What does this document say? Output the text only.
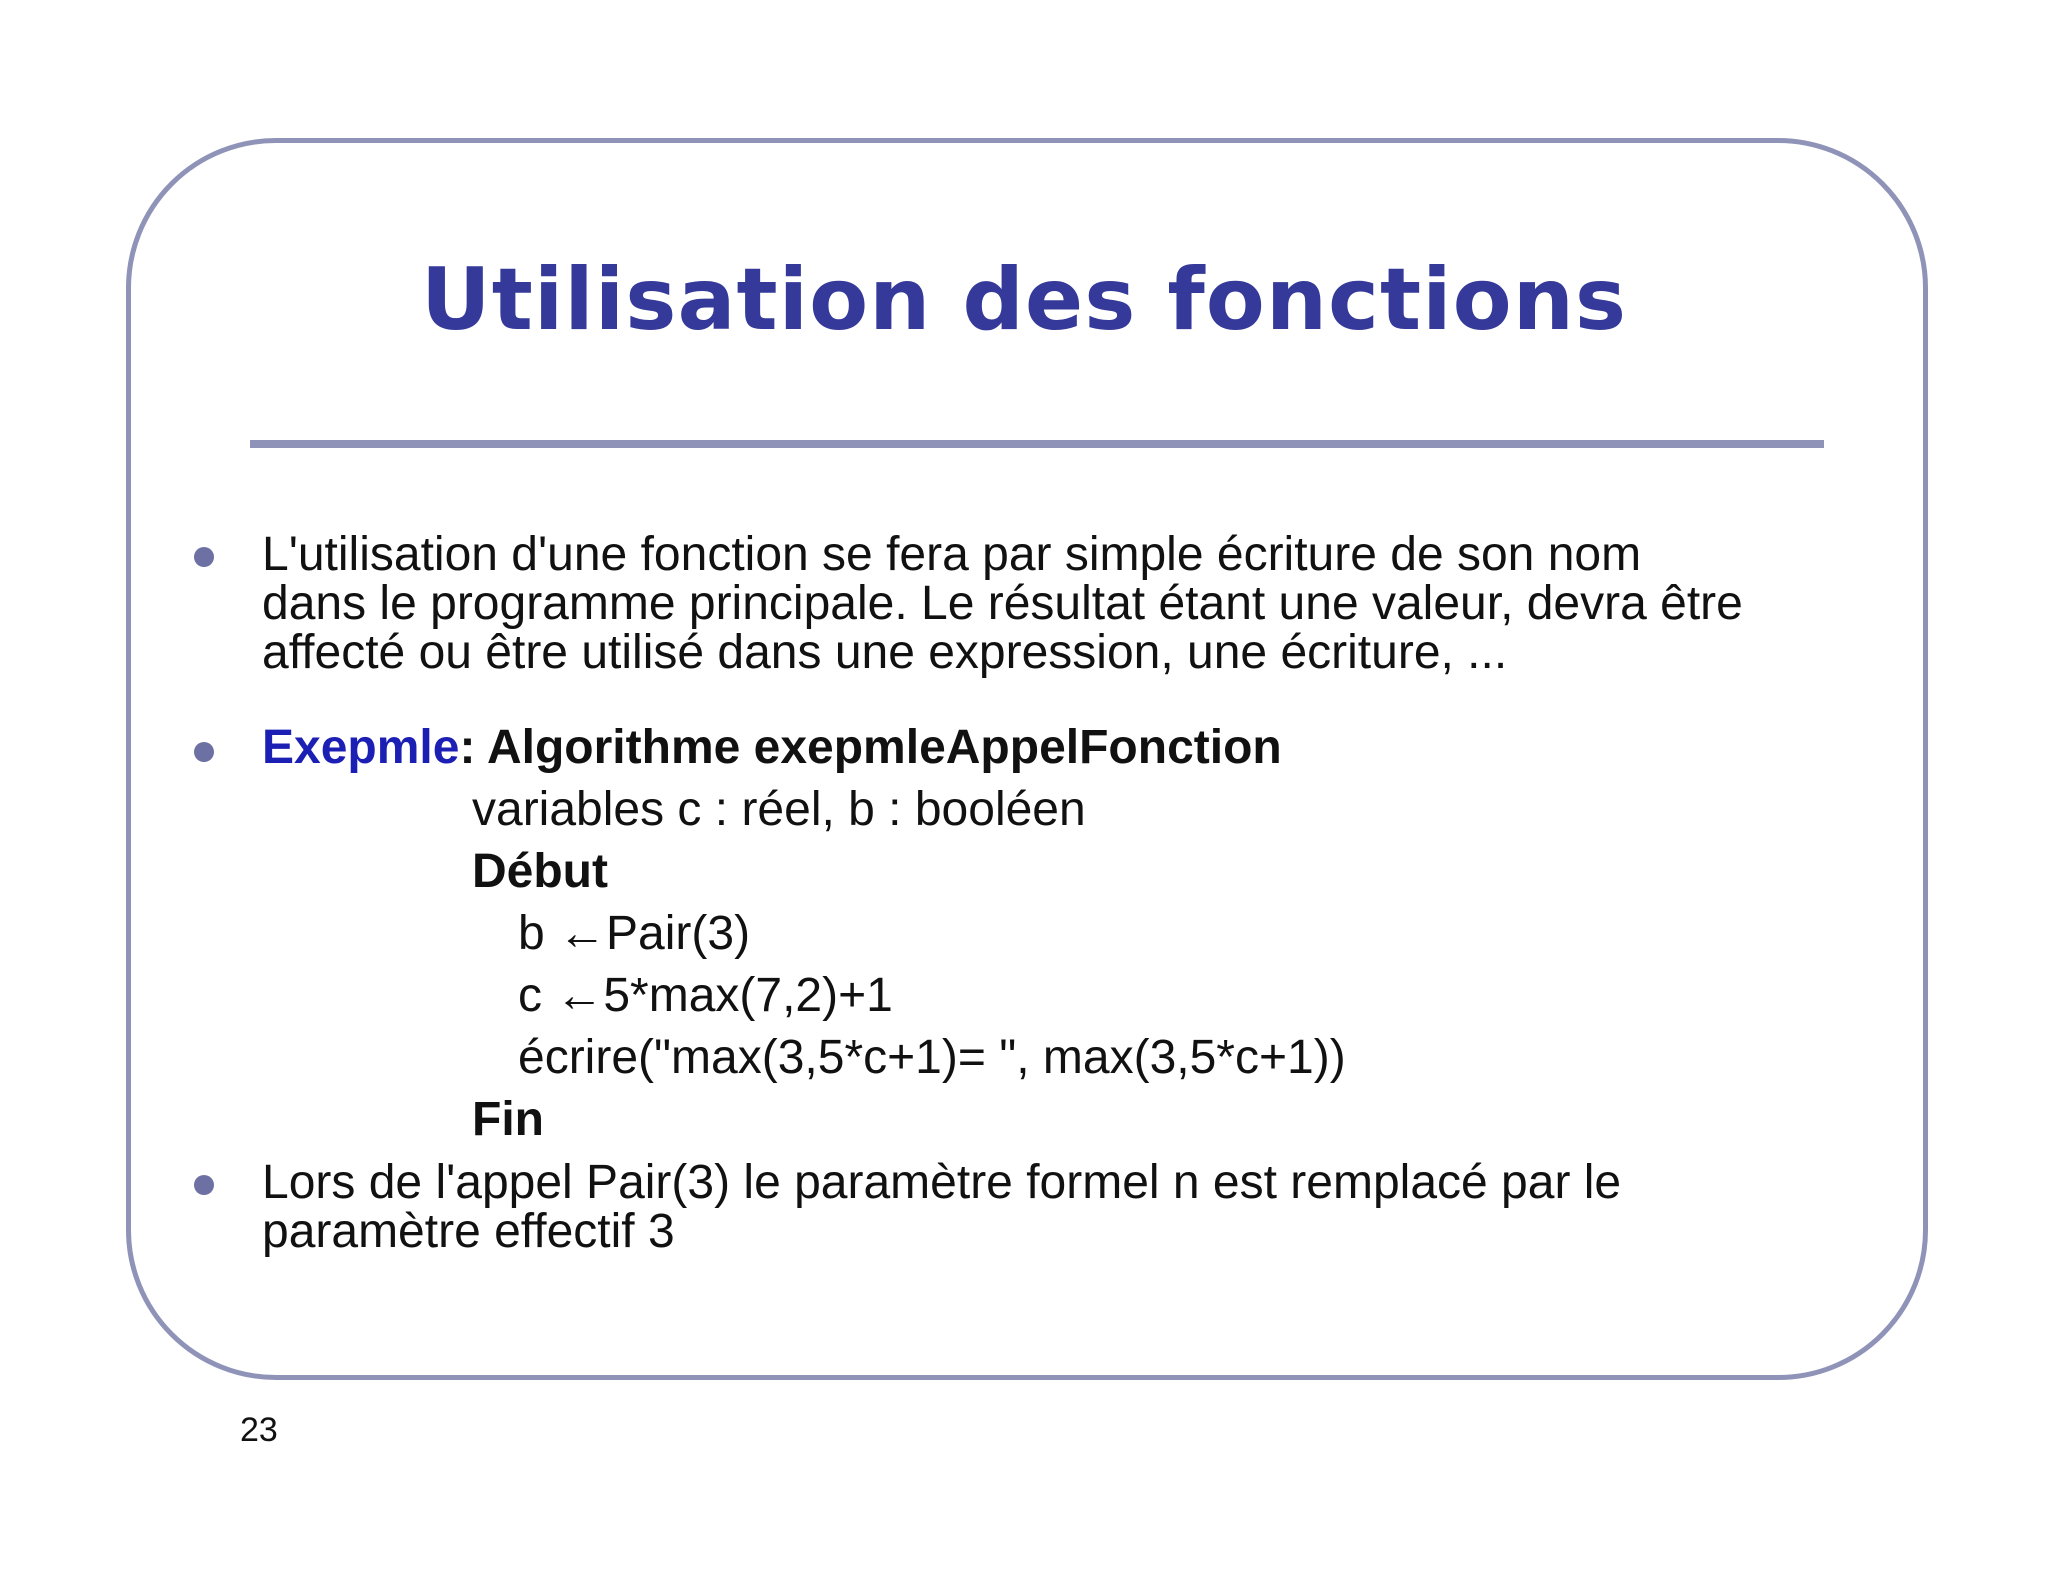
Utilisation des fonctions

L'utilisation d'une fonction se fera par simple écriture de son nom

dans le programme principale. Le résultat étant une valeur, devra être

affecté ou être utilisé dans une expression, une écriture, ...

Exepmle: Algorithme exepmleAppelFonction

variables c : réel, b : booléen

Début

b ←Pair(3)

c ←5*max(7,2)+1

écrire("max(3,5*c+1)= ", max(3,5*c+1))

Fin

Lors de l'appel Pair(3) le paramètre formel n est remplacé par le

paramètre effectif 3

23
